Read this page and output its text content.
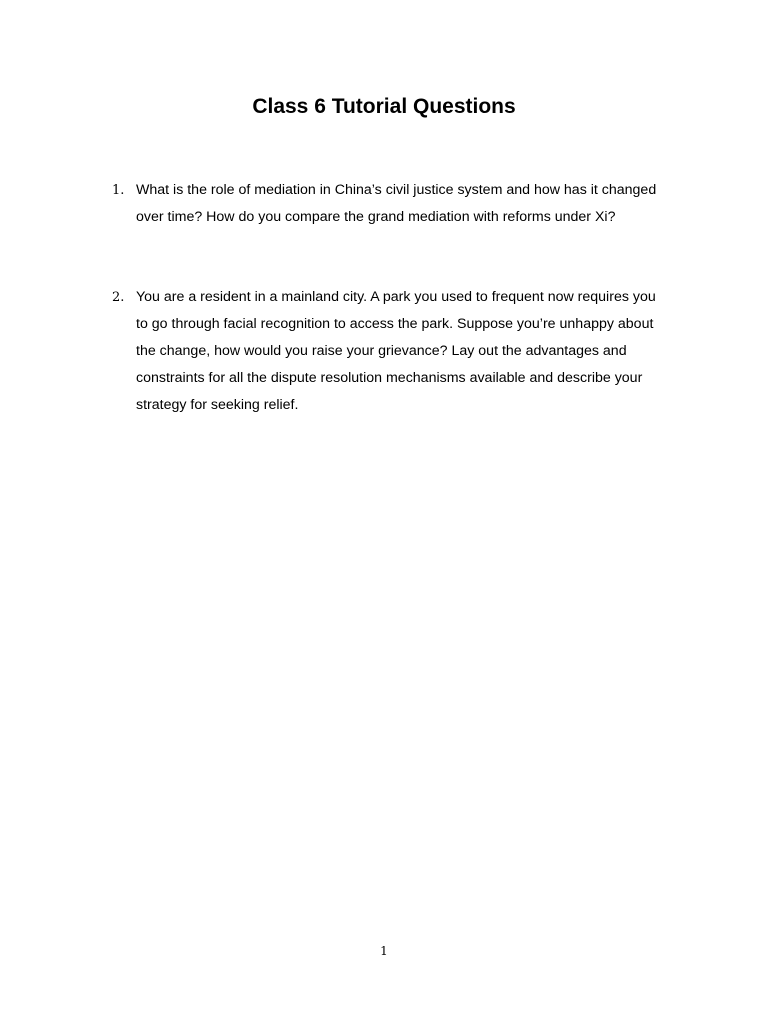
Class 6 Tutorial Questions
1. What is the role of mediation in China’s civil justice system and how has it changed over time? How do you compare the grand mediation with reforms under Xi?

2. You are a resident in a mainland city. A park you used to frequent now requires you to go through facial recognition to access the park. Suppose you’re unhappy about the change, how would you raise your grievance? Lay out the advantages and constraints for all the dispute resolution mechanisms available and describe your strategy for seeking relief.

1
